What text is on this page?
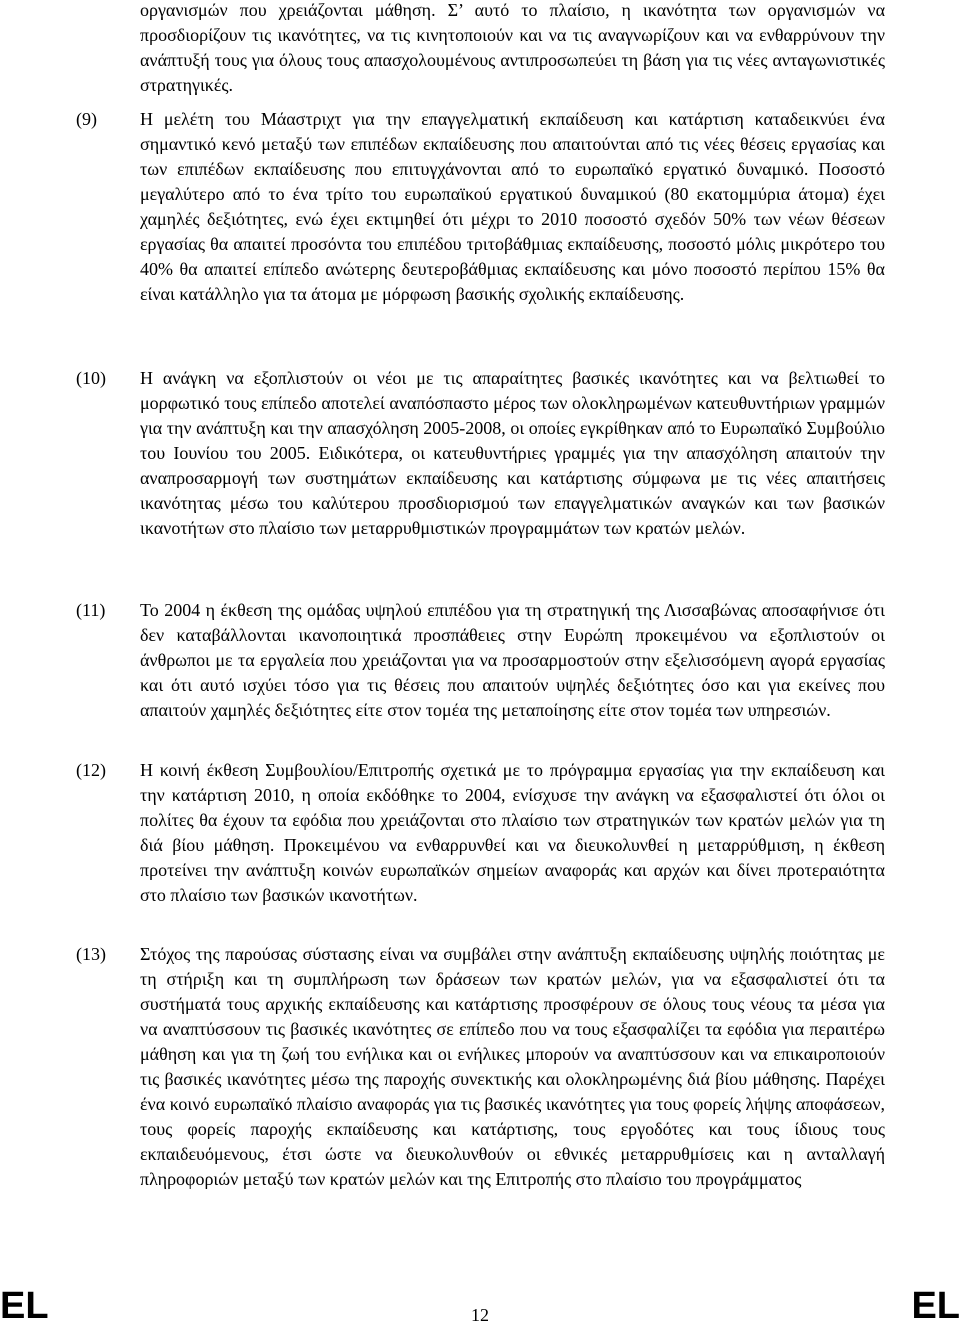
οργανισμών που χρειάζονται μάθηση. Σ’ αυτό το πλαίσιο, η ικανότητα των οργανισμών να προσδιορίζουν τις ικανότητες, να τις κινητοποιούν και να τις αναγνωρίζουν και να ενθαρρύνουν την ανάπτυξή τους για όλους τους απασχολουμένους αντιπροσωπεύει τη βάση για τις νέες ανταγωνιστικές στρατηγικές.
(9) Η μελέτη του Μάαστριχτ για την επαγγελματική εκπαίδευση και κατάρτιση καταδεικνύει ένα σημαντικό κενό μεταξύ των επιπέδων εκπαίδευσης που απαιτούνται από τις νέες θέσεις εργασίας και των επιπέδων εκπαίδευσης που επιτυγχάνονται από το ευρωπαϊκό εργατικό δυναμικό. Ποσοστό μεγαλύτερο από το ένα τρίτο του ευρωπαϊκού εργατικού δυναμικού (80 εκατομμύρια άτομα) έχει χαμηλές δεξιότητες, ενώ έχει εκτιμηθεί ότι μέχρι το 2010 ποσοστό σχεδόν 50% των νέων θέσεων εργασίας θα απαιτεί προσόντα του επιπέδου τριτοβάθμιας εκπαίδευσης, ποσοστό μόλις μικρότερο του 40% θα απαιτεί επίπεδο ανώτερης δευτεροβάθμιας εκπαίδευσης και μόνο ποσοστό περίπου 15% θα είναι κατάλληλο για τα άτομα με μόρφωση βασικής σχολικής εκπαίδευσης.
(10) Η ανάγκη να εξοπλιστούν οι νέοι με τις απαραίτητες βασικές ικανότητες και να βελτιωθεί το μορφωτικό τους επίπεδο αποτελεί αναπόσπαστο μέρος των ολοκληρωμένων κατευθυντήριων γραμμών για την ανάπτυξη και την απασχόληση 2005-2008, οι οποίες εγκρίθηκαν από το Ευρωπαϊκό Συμβούλιο του Ιουνίου του 2005. Ειδικότερα, οι κατευθυντήριες γραμμές για την απασχόληση απαιτούν την αναπροσαρμογή των συστημάτων εκπαίδευσης και κατάρτισης σύμφωνα με τις νέες απαιτήσεις ικανότητας μέσω του καλύτερου προσδιορισμού των επαγγελματικών αναγκών και των βασικών ικανοτήτων στο πλαίσιο των μεταρρυθμιστικών προγραμμάτων των κρατών μελών.
(11) Το 2004 η έκθεση της ομάδας υψηλού επιπέδου για τη στρατηγική της Λισσαβώνας αποσαφήνισε ότι δεν καταβάλλονται ικανοποιητικά προσπάθειες στην Ευρώπη προκειμένου να εξοπλιστούν οι άνθρωποι με τα εργαλεία που χρειάζονται για να προσαρμοστούν στην εξελισσόμενη αγορά εργασίας και ότι αυτό ισχύει τόσο για τις θέσεις που απαιτούν υψηλές δεξιότητες όσο και για εκείνες που απαιτούν χαμηλές δεξιότητες είτε στον τομέα της μεταποίησης είτε στον τομέα των υπηρεσιών.
(12) Η κοινή έκθεση Συμβουλίου/Επιτροπής σχετικά με το πρόγραμμα εργασίας για την εκπαίδευση και την κατάρτιση 2010, η οποία εκδόθηκε το 2004, ενίσχυσε την ανάγκη να εξασφαλιστεί ότι όλοι οι πολίτες θα έχουν τα εφόδια που χρειάζονται στο πλαίσιο των στρατηγικών των κρατών μελών για τη διά βίου μάθηση. Προκειμένου να ενθαρρυνθεί και να διευκολυνθεί η μεταρρύθμιση, η έκθεση προτείνει την ανάπτυξη κοινών ευρωπαϊκών σημείων αναφοράς και αρχών και δίνει προτεραιότητα στο πλαίσιο των βασικών ικανοτήτων.
(13) Στόχος της παρούσας σύστασης είναι να συμβάλει στην ανάπτυξη εκπαίδευσης υψηλής ποιότητας με τη στήριξη και τη συμπλήρωση των δράσεων των κρατών μελών, για να εξασφαλιστεί ότι τα συστήματά τους αρχικής εκπαίδευσης και κατάρτισης προσφέρουν σε όλους τους νέους τα μέσα για να αναπτύσσουν τις βασικές ικανότητες σε επίπεδο που να τους εξασφαλίζει τα εφόδια για περαιτέρω μάθηση και για τη ζωή του ενήλικα και οι ενήλικες μπορούν να αναπτύσσουν και να επικαιροποιούν τις βασικές ικανότητες μέσω της παροχής συνεκτικής και ολοκληρωμένης διά βίου μάθησης. Παρέχει ένα κοινό ευρωπαϊκό πλαίσιο αναφοράς για τις βασικές ικανότητες για τους φορείς λήψης αποφάσεων, τους φορείς παροχής εκπαίδευσης και κατάρτισης, τους εργοδότες και τους ίδιους τους εκπαιδευόμενους, έτσι ώστε να διευκολυνθούν οι εθνικές μεταρρυθμίσεις και η ανταλλαγή πληροφοριών μεταξύ των κρατών μελών και της Επιτροπής στο πλαίσιο του προγράμματος
EL	12	EL
